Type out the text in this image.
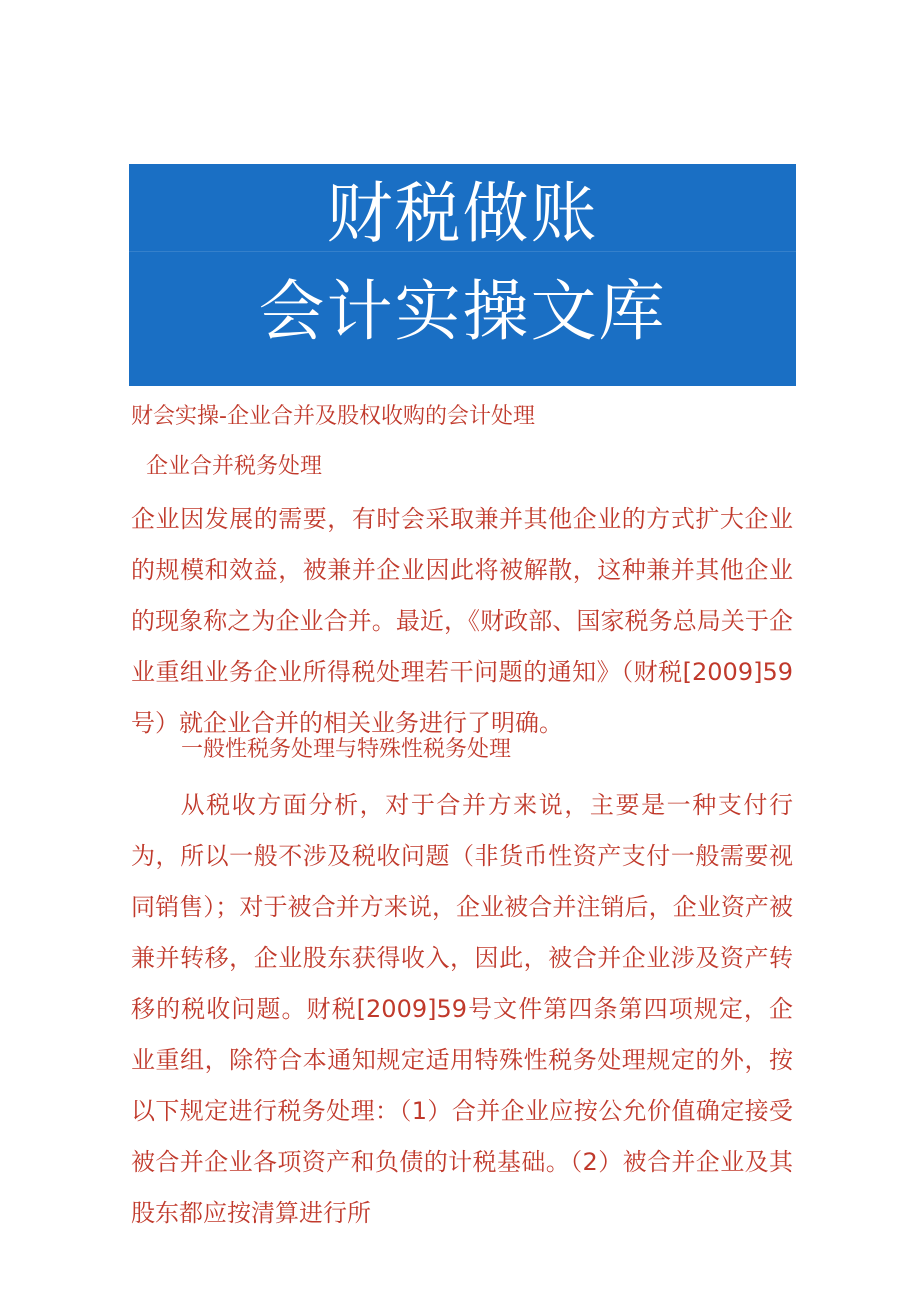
财税做账
会计实操文库
财会实操-企业合并及股权收购的会计处理
企业合并税务处理
企业因发展的需要，有时会采取兼并其他企业的方式扩大企业的规模和效益，被兼并企业因此将被解散，这种兼并其他企业的现象称之为企业合并。最近，《财政部、国家税务总局关于企业重组业务企业所得税处理若干问题的通知》（财税[2009]59号）就企业合并的相关业务进行了明确。
一般性税务处理与特殊性税务处理
从税收方面分析，对于合并方来说，主要是一种支付行为，所以一般不涉及税收问题（非货币性资产支付一般需要视同销售）；对于被合并方来说，企业被合并注销后，企业资产被兼并转移，企业股东获得收入，因此，被合并企业涉及资产转移的税收问题。财税[2009]59号文件第四条第四项规定，企业重组，除符合本通知规定适用特殊性税务处理规定的外，按以下规定进行税务处理：（1）合并企业应按公允价值确定接受被合并企业各项资产和负债的计税基础。（2）被合并企业及其股东都应按清算进行所
